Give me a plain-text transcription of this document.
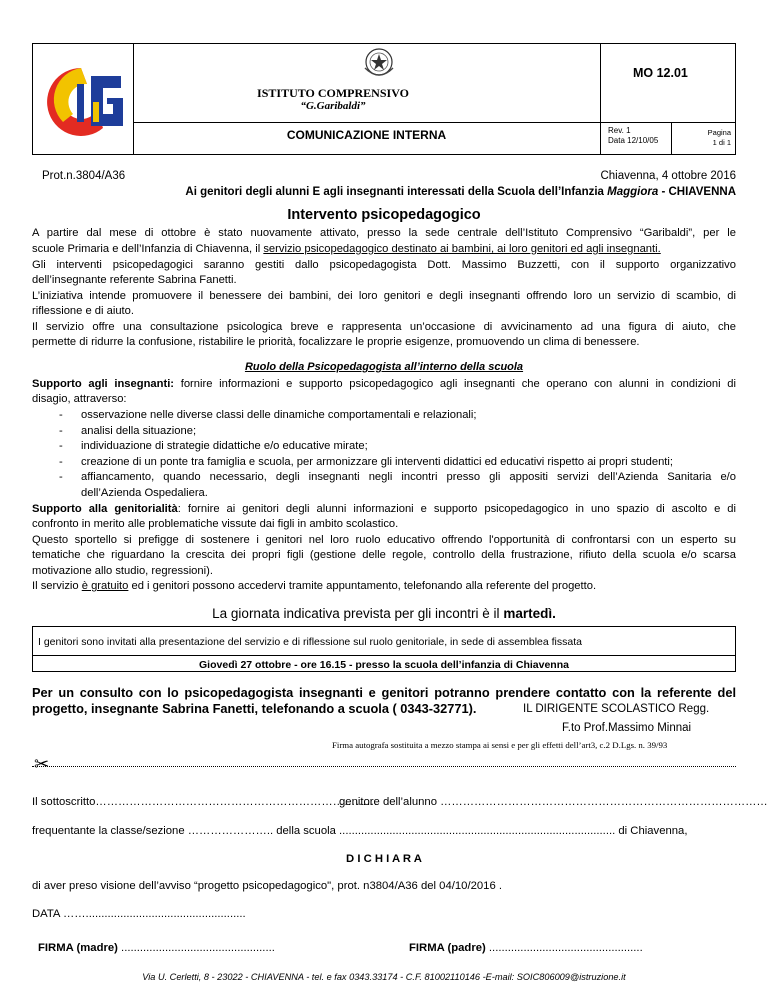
ISTITUTO COMPRENSIVO
“G.Garibaldi”
MO 12.01
COMUNICAZIONE INTERNA	Rev. 1
Data 12/10/05
Pagina
1 di 1
Prot.n.3804/A36	Chiavenna, 4 ottobre 2016
Ai genitori degli alunni E agli insegnanti interessati della Scuola dell’Infanzia Maggiora - CHIAVENNA
Intervento psicopedagogico
A partire dal mese di ottobre è stato nuovamente attivato, presso la sede centrale dell’Istituto Comprensivo “Garibaldi”, per le
scuole Primaria e dell’Infanzia di Chiavenna, il servizio psicopedagogico destinato ai bambini, ai loro genitori ed agli insegnanti.
Gli interventi psicopedagogici saranno gestiti dallo psicopedagogista Dott. Massimo Buzzetti, con il supporto organizzativo
dell’insegnante referente Sabrina Fanetti.
L’iniziativa intende promuovere il benessere dei bambini, dei loro genitori e degli insegnanti offrendo loro un servizio di scambio, di
riflessione e di aiuto.
Il servizio offre una consultazione psicologica breve e rappresenta un’occasione di avvicinamento ad una figura di aiuto, che
permette di ridurre la confusione, ristabilire le priorità, focalizzare le proprie esigenze, promuovendo un clima di benessere.
Ruolo della Psicopedagogista all’interno della scuola
Supporto agli insegnanti: fornire informazioni e supporto psicopedagogico agli insegnanti che operano con alunni in condizioni di
disagio, attraverso:
- osservazione nelle diverse classi delle dinamiche comportamentali e relazionali;
- analisi della situazione;
- individuazione di strategie didattiche e/o educative mirate;
- creazione di un ponte tra famiglia e scuola, per armonizzare gli interventi didattici ed educativi rispetto ai propri studenti;
- affiancamento, quando necessario, degli insegnanti negli incontri presso gli appositi servizi dell’Azienda Sanitaria e/o
dell’Azienda Ospedaliera.
Supporto alla genitorialità: fornire ai genitori degli alunni informazioni e supporto psicopedagogico in uno spazio di ascolto e di
confronto in merito alle problematiche vissute dai figli in ambito scolastico.
Questo sportello si prefigge di sostenere i genitori nel loro ruolo educativo offrendo l'opportunità di confrontarsi con un esperto su
tematiche che riguardano la crescita dei propri figli (gestione delle regole, controllo della frustrazione, rifiuto della scuola e/o scarsa
motivazione allo studio, regressioni).
Il servizio è gratuito ed i genitori possono accedervi tramite appuntamento, telefonando alla referente del progetto.
La giornata indicativa prevista per gli incontri è il martedì.
I genitori sono invitati alla presentazione del servizio e di riflessione sul ruolo genitoriale, in sede di assemblea fissata
Giovedì 27 ottobre - ore 16.15 - presso la scuola dell’infanzia di Chiavenna
Per un consulto con lo psicopedagogista insegnanti e genitori potranno prendere contatto con la referente del
progetto, insegnante Sabrina Fanetti, telefonando a scuola ( 0343-32771).	IL DIRIGENTE SCOLASTICO Regg.
F.to Prof.Massimo Minnai
Firma autografa sostituita a mezzo stampa ai sensi e per gli effetti dell’art3, c.2 D.Lgs. n. 39/93
✂
Il sottoscritto…………………………………………………………………
genitore dell’alunno ……………………………………………………………………………
frequentante la classe/sezione ………………….. della scuola ........................................................................................ di Chiavenna,
D I C H I A R A
di aver preso visione dell’avviso “progetto psicopedagogico", prot. n3804/A36 del 04/10/2016 .
DATA ……...................................................
FIRMA (madre) .................................................	FIRMA (padre) .................................................
Via U. Cerletti, 8 - 23022 - CHIAVENNA - tel. e fax 0343.33174 - C.F. 81002110146 -E-mail: SOIC806009@istruzione.it
